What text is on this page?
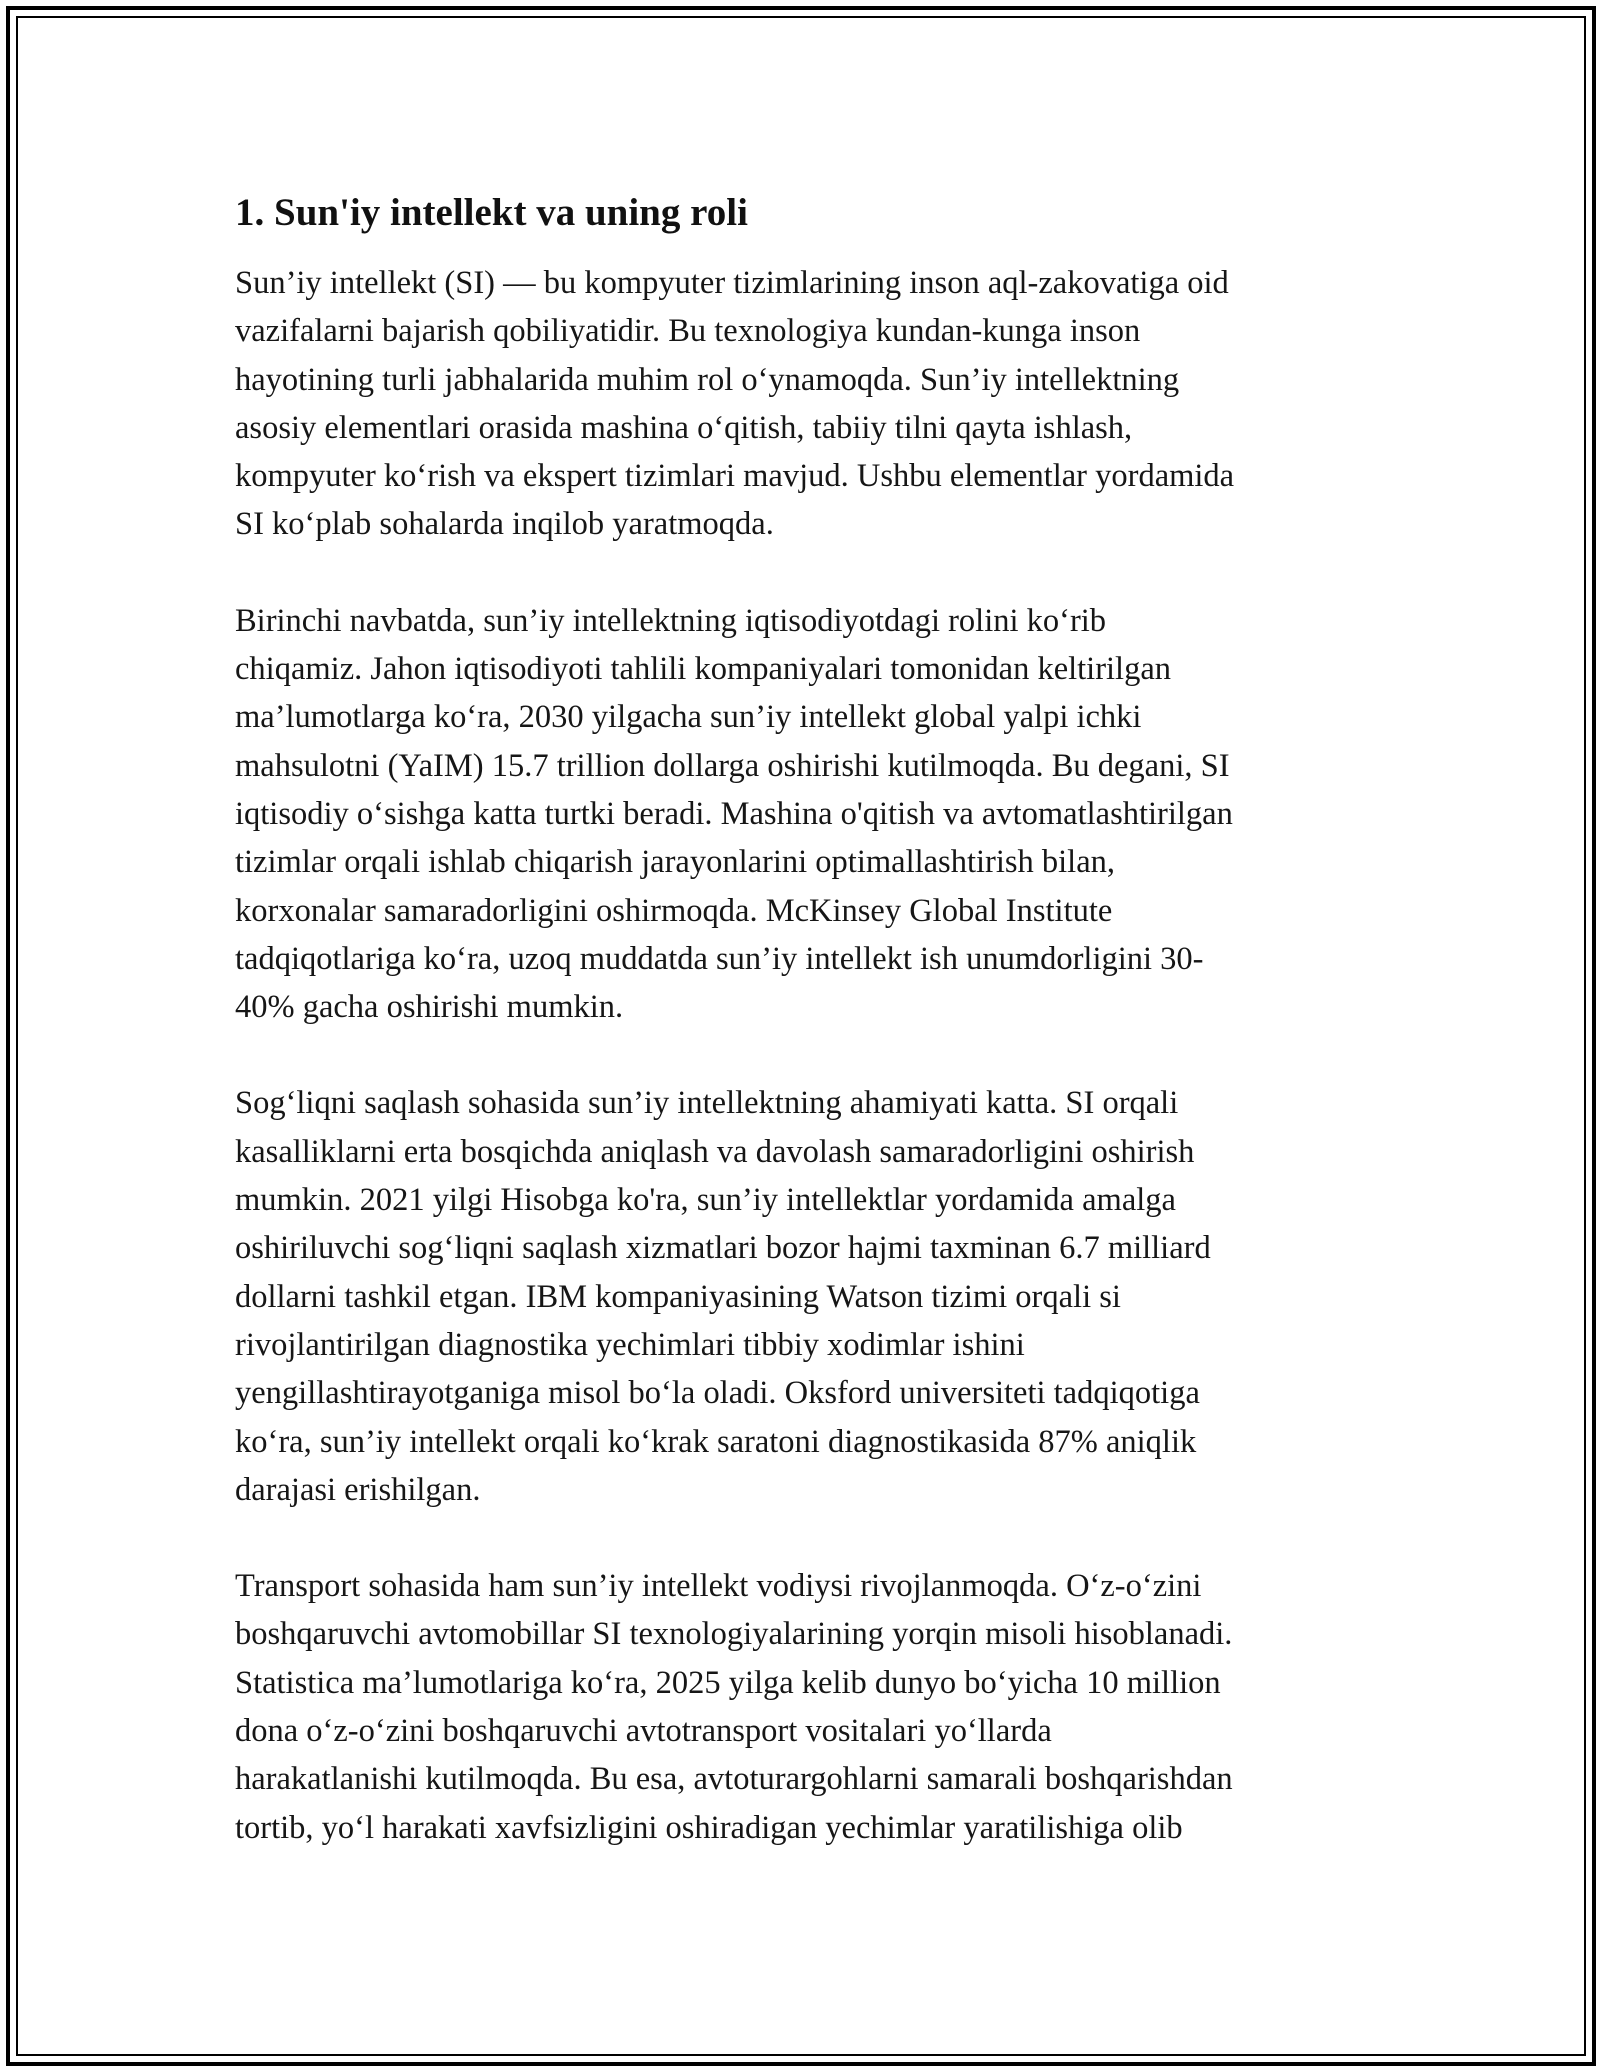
1. Sun'iy intellekt va uning roli

Sun’iy intellekt (SI) — bu kompyuter tizimlarining inson aql-zakovatiga oid
vazifalarni bajarish qobiliyatidir. Bu texnologiya kundan-kunga inson
hayotining turli jabhalarida muhim rol oʻynamoqda. Sun’iy intellektning
asosiy elementlari orasida mashina oʻqitish, tabiiy tilni qayta ishlash,
kompyuter koʻrish va ekspert tizimlari mavjud. Ushbu elementlar yordamida
SI koʻplab sohalarda inqilob yaratmoqda.

Birinchi navbatda, sun’iy intellektning iqtisodiyotdagi rolini koʻrib
chiqamiz. Jahon iqtisodiyoti tahlili kompaniyalari tomonidan keltirilgan
ma’lumotlarga koʻra, 2030 yilgacha sun’iy intellekt global yalpi ichki
mahsulotni (YaIM) 15.7 trillion dollarga oshirishi kutilmoqda. Bu degani, SI
iqtisodiy oʻsishga katta turtki beradi. Mashina o'qitish va avtomatlashtirilgan
tizimlar orqali ishlab chiqarish jarayonlarini optimallashtirish bilan,
korxonalar samaradorligini oshirmoqda. McKinsey Global Institute
tadqiqotlariga koʻra, uzoq muddatda sun’iy intellekt ish unumdorligini 30-
40% gacha oshirishi mumkin.

Sogʻliqni saqlash sohasida sun’iy intellektning ahamiyati katta. SI orqali
kasalliklarni erta bosqichda aniqlash va davolash samaradorligini oshirish
mumkin. 2021 yilgi Hisobga ko'ra, sun’iy intellektlar yordamida amalga
oshiriluvchi sogʻliqni saqlash xizmatlari bozor hajmi taxminan 6.7 milliard
dollarni tashkil etgan. IBM kompaniyasining Watson tizimi orqali si
rivojlantirilgan diagnostika yechimlari tibbiy xodimlar ishini
yengillashtirayotganiga misol boʻla oladi. Oksford universiteti tadqiqotiga
koʻra, sun’iy intellekt orqali koʻkrak saratoni diagnostikasida 87% aniqlik
darajasi erishilgan.

Transport sohasida ham sun’iy intellekt vodiysi rivojlanmoqda. Oʻz-oʻzini
boshqaruvchi avtomobillar SI texnologiyalarining yorqin misoli hisoblanadi.
Statistica ma’lumotlariga koʻra, 2025 yilga kelib dunyo boʻyicha 10 million
dona oʻz-oʻzini boshqaruvchi avtotransport vositalari yoʻllarda
harakatlanishi kutilmoqda. Bu esa, avtoturargohlarni samarali boshqarishdan
tortib, yoʻl harakati xavfsizligini oshiradigan yechimlar yaratilishiga olib
